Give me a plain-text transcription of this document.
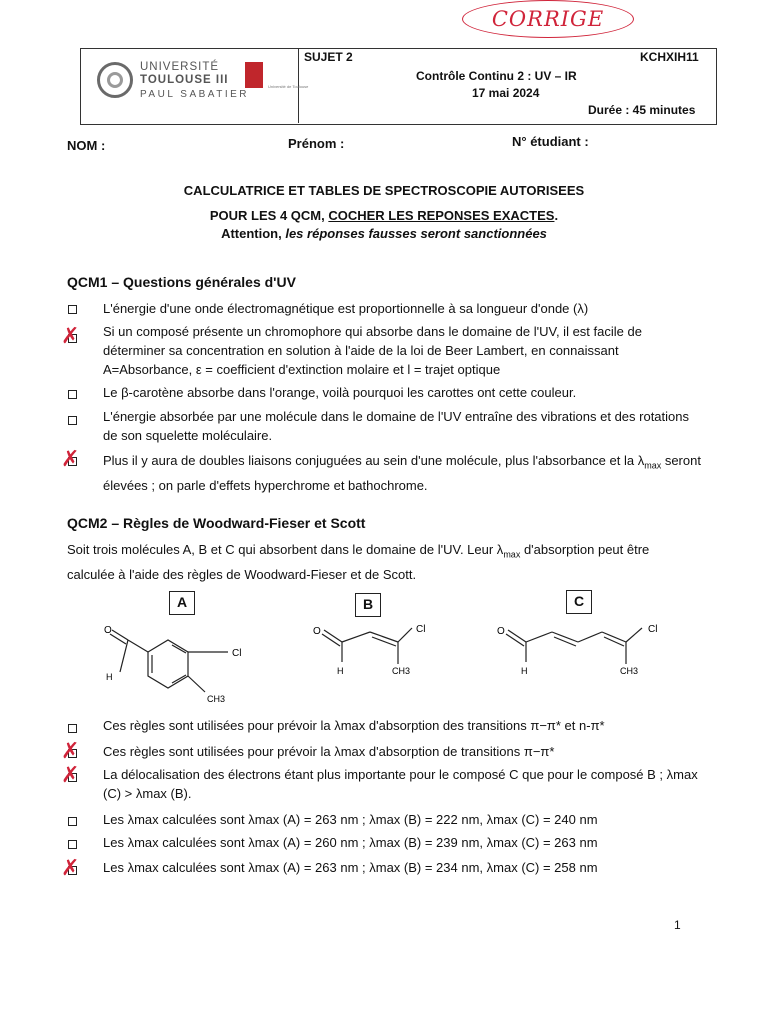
CORRIGE
UNIVERSITÉ
TOULOUSE III
PAUL SABATIER
Université de Toulouse
SUJET 2	KCHXIH11
Contrôle Continu 2 : UV – IR
17 mai 2024
Durée : 45 minutes
NOM :	Prénom :	N° étudiant :
CALCULATRICE ET TABLES DE SPECTROSCOPIE AUTORISEES
POUR LES 4 QCM, COCHER LES REPONSES EXACTES.
Attention, les réponses fausses seront sanctionnées
QCM1 – Questions générales d'UV
L'énergie d'une onde électromagnétique est proportionnelle à sa longueur d'onde (λ)
✗ Si un composé présente un chromophore qui absorbe dans le domaine de l'UV, il est facile de déterminer sa concentration en solution à l'aide de la loi de Beer Lambert, en connaissant A=Absorbance, ε = coefficient d'extinction molaire et l = trajet optique
Le β-carotène absorbe dans l'orange, voilà pourquoi les carottes ont cette couleur.
L'énergie absorbée par une molécule dans le domaine de l'UV entraîne des vibrations et des rotations de son squelette moléculaire.
✗ Plus il y aura de doubles liaisons conjuguées au sein d'une molécule, plus l'absorbance et la $\lambda_{max}$ seront élevées ; on parle d'effets hyperchrome et bathochrome.
QCM2 – Règles de Woodward-Fieser et Scott
Soit trois molécules A, B et C qui absorbent dans le domaine de l'UV. Leur $\lambda_{max}$ d'absorption peut être calculée à l'aide des règles de Woodward-Fieser et de Scott.
A	B	C
O
H
Cl
CH3
O	Cl
H	CH3
O	Cl
H	CH3
Ces règles sont utilisées pour prévoir la λmax d'absorption des transitions π−π* et n-π*
✗ Ces règles sont utilisées pour prévoir la λmax d'absorption de transitions π−π*
✗ La délocalisation des électrons étant plus importante pour le composé C que pour le composé B ; λmax (C) > λmax (B).
Les λmax calculées sont λmax (A) = 263 nm ; λmax (B) = 222 nm, λmax (C) = 240 nm
Les λmax calculées sont λmax (A) = 260 nm ; λmax (B) = 239 nm, λmax (C) = 263 nm
✗ Les λmax calculées sont λmax (A) = 263 nm ; λmax (B) = 234 nm, λmax (C) = 258 nm
1
